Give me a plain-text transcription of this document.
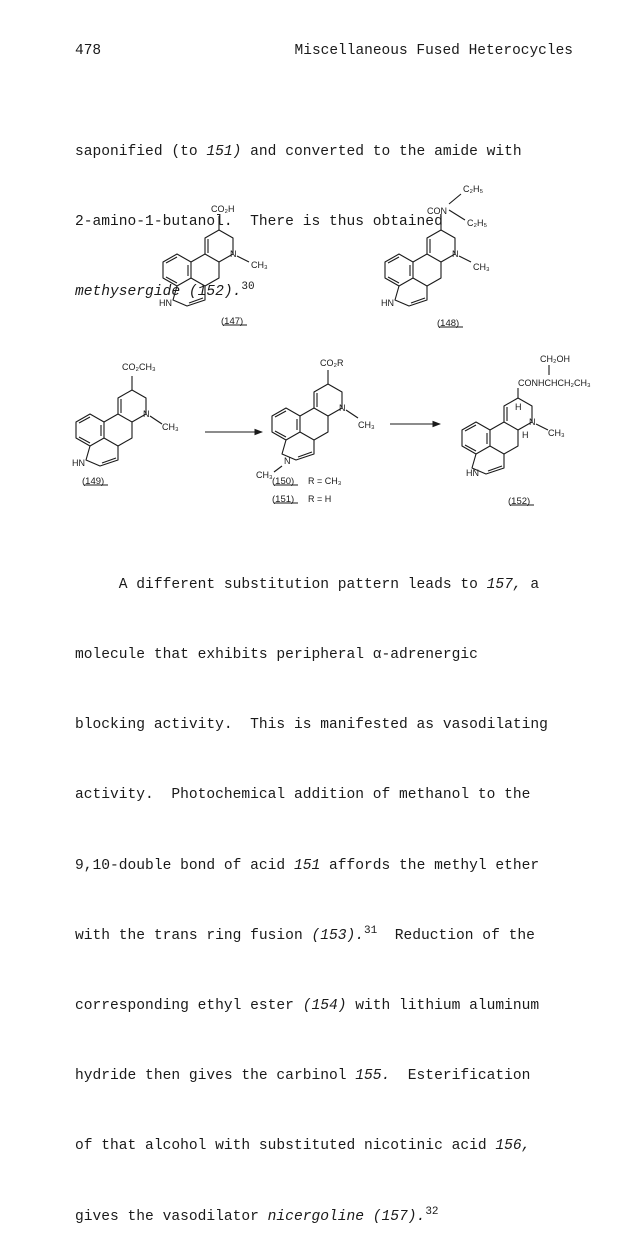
478	Miscellaneous Fused Heterocycles

saponified (to 151) and converted to the amide with

2-amino-1-butanol.  There is thus obtained

methysergide (152).$^{30}$

CO₂H
N
CH₃
HN
(147)
CON
C₂H₅
C₂H₅
N
CH₃
HN
(148)
CO₂CH₃
N
CH₃
HN
(149)
CO₂R
N
CH₃
N
CH₃
(150) R = CH₃
(151) R = H
CONHCHCH₂CH₃
CH₂OH
H
N
H CH₃
HN
(152)

A different substitution pattern leads to 157, a

molecule that exhibits peripheral α-adrenergic

blocking activity.  This is manifested as vasodilating

activity.  Photochemical addition of methanol to the

9,10-double bond of acid 151 affords the methyl ether

with the trans ring fusion (153).$^{31}$  Reduction of the

corresponding ethyl ester (154) with lithium aluminum

hydride then gives the carbinol 155.  Esterification

of that alcohol with substituted nicotinic acid 156,

gives the vasodilator nicergoline (157).$^{32}$
